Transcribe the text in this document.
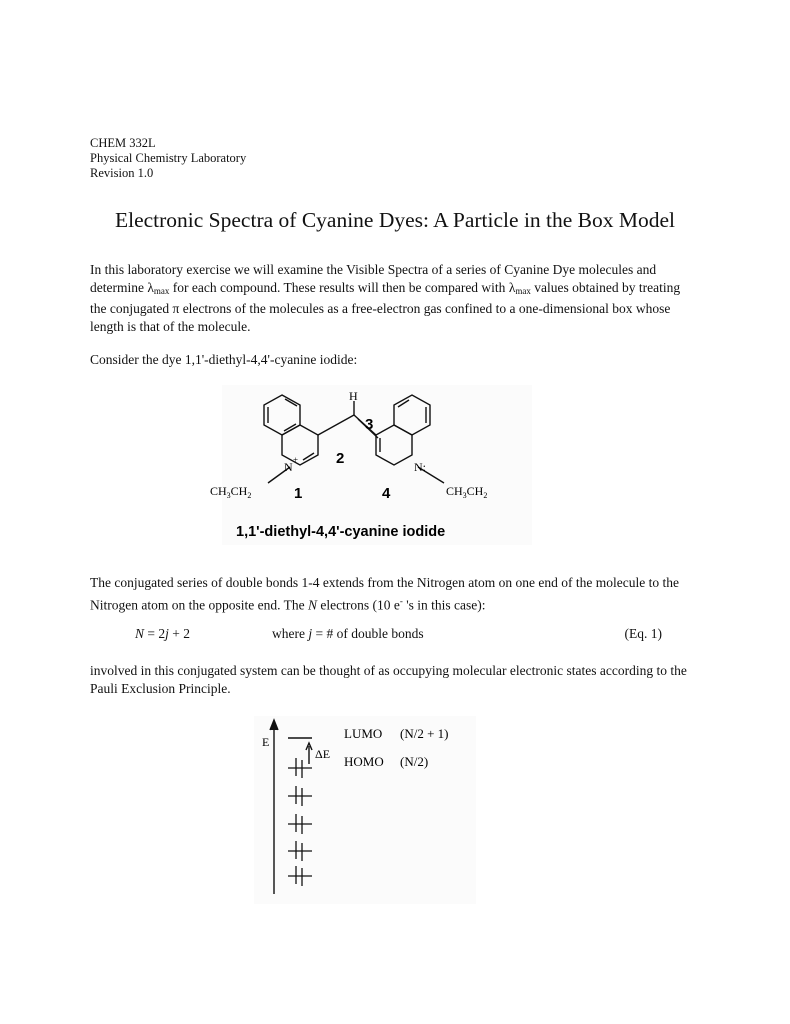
CHEM 332L
Physical Chemistry Laboratory
Revision 1.0
Electronic Spectra of Cyanine Dyes: A Particle in the Box Model

In this laboratory exercise we will examine the Visible Spectra of a series of Cyanine Dye molecules and determine $\lambda_{max}$ for each compound. These results will then be compared with $\lambda_{max}$ values obtained by treating the conjugated π electrons of the molecules as a free-electron gas confined to a one-dimensional box whose length is that of the molecule.

Consider the dye 1,1'-diethyl-4,4'-cyanine iodide:

H
N +	N:
$CH_3CH_2$	$CH_3CH_2$
1
2
3
4
1,1'-diethyl-4,4'-cyanine iodide

The conjugated series of double bonds 1-4 extends from the Nitrogen atom on one end of the molecule to the Nitrogen atom on the opposite end. The N electrons (10 e- 's in this case):

N = 2j + 2	where j = # of double bonds	(Eq. 1)

involved in this conjugated system can be thought of as occupying molecular electronic states according to the Pauli Exclusion Principle.

E
ΔE
LUMO (N/2 + 1)
HOMO (N/2)
